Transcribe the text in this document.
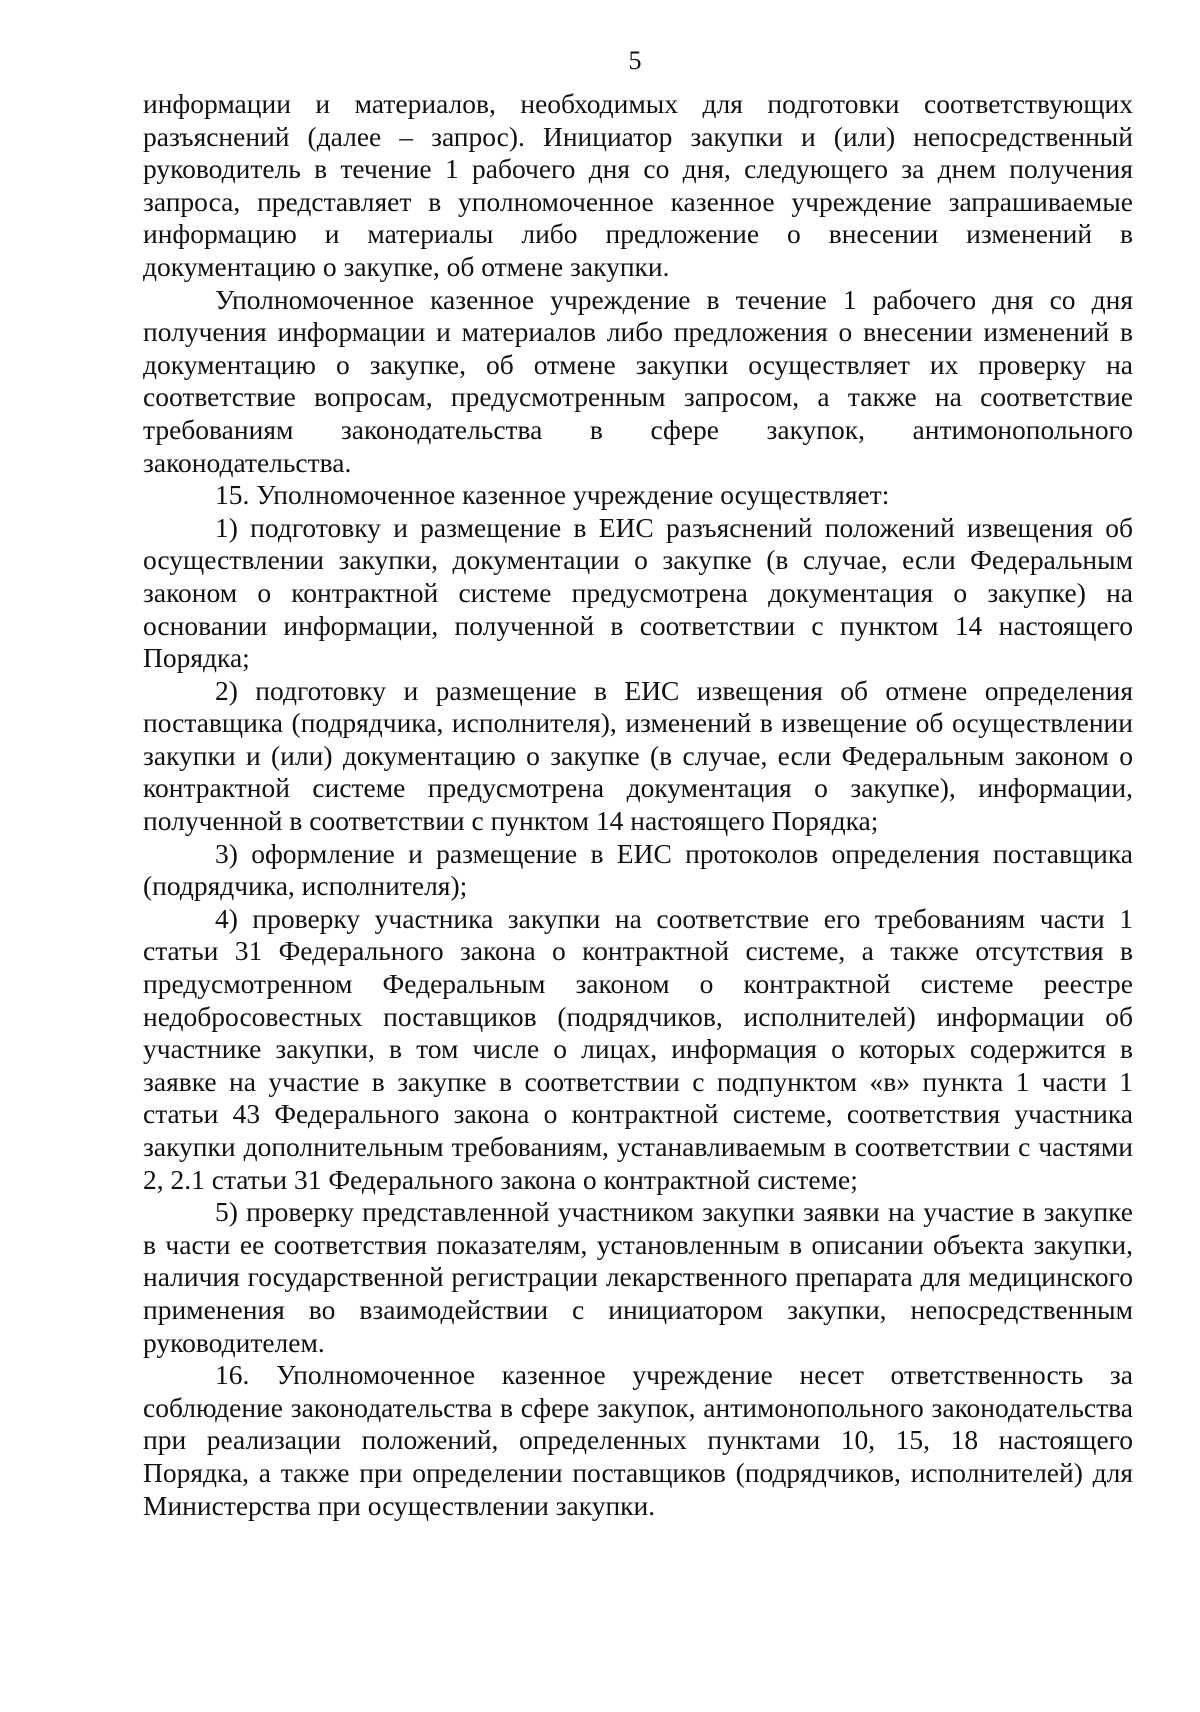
5

информации и материалов, необходимых для подготовки соответствующих разъяснений (далее – запрос). Инициатор закупки и (или) непосредственный руководитель в течение 1 рабочего дня со дня, следующего за днем получения запроса, представляет в уполномоченное казенное учреждение запрашиваемые информацию и материалы либо предложение о внесении изменений в документацию о закупке, об отмене закупки.

Уполномоченное казенное учреждение в течение 1 рабочего дня со дня получения информации и материалов либо предложения о внесении изменений в документацию о закупке, об отмене закупки осуществляет их проверку на соответствие вопросам, предусмотренным запросом, а также на соответствие требованиям законодательства в сфере закупок, антимонопольного законодательства.

15. Уполномоченное казенное учреждение осуществляет:

1) подготовку и размещение в ЕИС разъяснений положений извещения об осуществлении закупки, документации о закупке (в случае, если Федеральным законом о контрактной системе предусмотрена документация о закупке) на основании информации, полученной в соответствии с пунктом 14 настоящего Порядка;

2) подготовку и размещение в ЕИС извещения об отмене определения поставщика (подрядчика, исполнителя), изменений в извещение об осуществлении закупки и (или) документацию о закупке (в случае, если Федеральным законом о контрактной системе предусмотрена документация о закупке), информации, полученной в соответствии с пунктом 14 настоящего Порядка;

3) оформление и размещение в ЕИС протоколов определения поставщика (подрядчика, исполнителя);

4) проверку участника закупки на соответствие его требованиям части 1 статьи 31 Федерального закона о контрактной системе, а также отсутствия в предусмотренном Федеральным законом о контрактной системе реестре недобросовестных поставщиков (подрядчиков, исполнителей) информации об участнике закупки, в том числе о лицах, информация о которых содержится в заявке на участие в закупке в соответствии с подпунктом «в» пункта 1 части 1 статьи 43 Федерального закона о контрактной системе, соответствия участника закупки дополнительным требованиям, устанавливаемым в соответствии с частями 2, 2.1 статьи 31 Федерального закона о контрактной системе;

5) проверку представленной участником закупки заявки на участие в закупке в части ее соответствия показателям, установленным в описании объекта закупки, наличия государственной регистрации лекарственного препарата для медицинского применения во взаимодействии с инициатором закупки, непосредственным руководителем.

16. Уполномоченное казенное учреждение несет ответственность за соблюдение законодательства в сфере закупок, антимонопольного законодательства при реализации положений, определенных пунктами 10, 15, 18 настоящего Порядка, а также при определении поставщиков (подрядчиков, исполнителей) для Министерства при осуществлении закупки.
